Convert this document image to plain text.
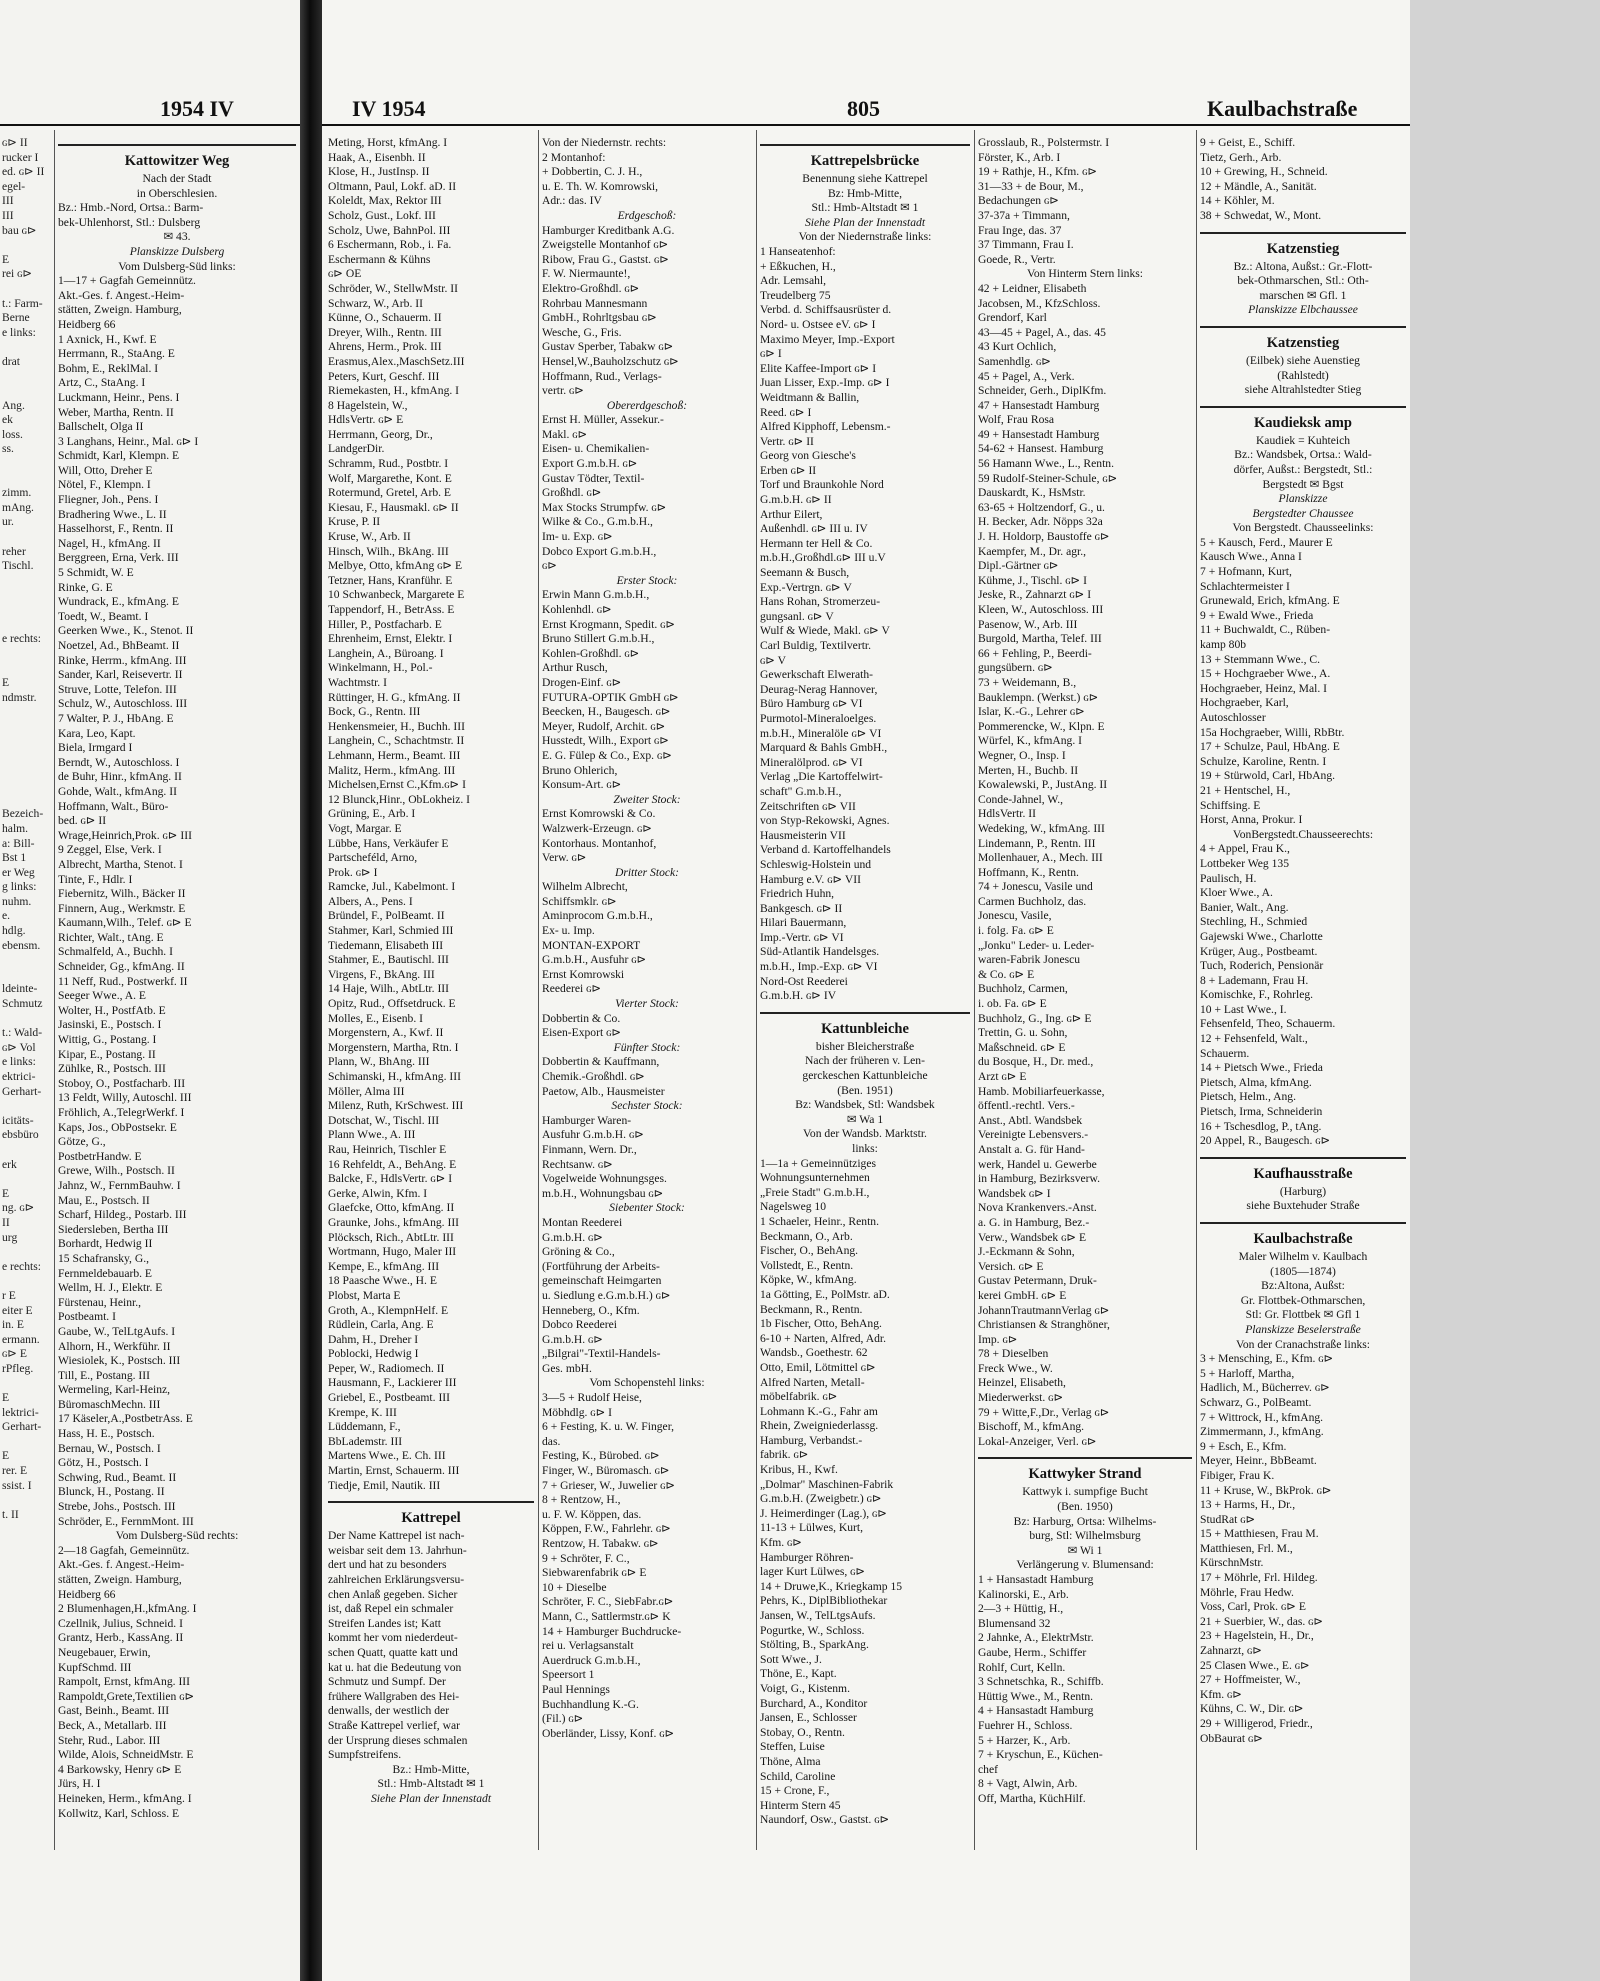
1954 IV
ɢ⊳ II
rucker I
ed. ɢ⊳ II
egel-
III
III
bau ɢ⊳
E
rei ɢ⊳
t.: Farm-
Berne
e links:
drat
Ang.
ek
loss.
ss.
zimm.
mAng.
ur.
reher
Tischl.
e rechts:
E
ndmstr.
Bezeich-
halm.
a: Bill-
Bst 1
er Weg
g links:
nuhm.
e.
hdlg.
ebensm.
ldeinte-
Schmutz
t.: Wald-
ɢ⊳ Vol
e links:
ektrici-
Gerhart-
icitäts-
ebsbüro
erk
E
ng. ɢ⊳
II
urg
e rechts:
r E
eiter E
in. E
ermann.
ɢ⊳ E
rPfleg.
E
lektrici-
Gerhart-
E
rer. E
ssist. I
t. II
Kattowitzer Weg
Nach der Stadt
in Oberschlesien.
Bz.: Hmb.-Nord, Ortsa.: Barm-
bek-Uhlenhorst, Stl.: Dulsberg
✉ 43.
Planskizze Dulsberg
Vom Dulsberg-Süd links:
1—17 + Gagfah Gemeinnütz.
Akt.-Ges. f. Angest.-Heim-
stätten, Zweign. Hamburg,
Heidberg 66
1 Axnick, H., Kwf. E
Herrmann, R., StaAng. E
Bohm, E., ReklMal. I
Artz, C., StaAng. I
Luckmann, Heinr., Pens. I
Weber, Martha, Rentn. II
Ballschelt, Olga II
3 Langhans, Heinr., Mal. ɢ⊳ I
Schmidt, Karl, Klempn. E
Will, Otto, Dreher E
Nötel, F., Klempn. I
Fliegner, Joh., Pens. I
Bradhering Wwe., L. II
Hasselhorst, F., Rentn. II
Nagel, H., kfmAng. II
Berggreen, Erna, Verk. III
5 Schmidt, W. E
Rinke, G. E
Wundrack, E., kfmAng. E
Toedt, W., Beamt. I
Geerken Wwe., K., Stenot. II
Noetzel, Ad., BhBeamt. II
Rinke, Herrm., kfmAng. III
Sander, Karl, Reisevertr. II
Struve, Lotte, Telefon. III
Schulz, W., Autoschloss. III
7 Walter, P. J., HbAng. E
Kara, Leo, Kapt.
Biela, Irmgard I
Berndt, W., Autoschloss. I
de Buhr, Hinr., kfmAng. II
Gohde, Walt., kfmAng. II
Hoffmann, Walt., Büro-
bed. ɢ⊳ II
Wrage,Heinrich,Prok. ɢ⊳ III
9 Zeggel, Else, Verk. I
Albrecht, Martha, Stenot. I
Tinte, F., Hdlr. I
Fiebernitz, Wilh., Bäcker II
Finnern, Aug., Werkmstr. E
Kaumann,Wilh., Telef. ɢ⊳ E
Richter, Walt., tAng. E
Schmalfeld, A., Buchh. I
Schneider, Gg., kfmAng. II
11 Neff, Rud., Postwerkf. II
Seeger Wwe., A. E
Wolter, H., PostfAtb. E
Jasinski, E., Postsch. I
Wittig, G., Postang. I
Kipar, E., Postang. II
Zühlke, R., Postsch. III
Stoboy, O., Postfacharb. III
13 Feldt, Willy, Autoschl. III
Fröhlich, A.,TelegrWerkf. I
Kaps, Jos., ObPostsekr. E
Götze, G.,
PostbetrHandw. E
Grewe, Wilh., Postsch. II
Jahnz, W., FernmBauhw. I
Mau, E., Postsch. II
Scharf, Hildeg., Postarb. III
Siedersleben, Bertha III
Borhardt, Hedwig II
15 Schafransky, G.,
Fernmeldebauarb. E
Wellm, H. J., Elektr. E
Fürstenau, Heinr.,
Postbeamt. I
Gaube, W., TelLtgAufs. I
Alhorn, H., Werkführ. II
Wiesiolek, K., Postsch. III
Till, E., Postang. III
Wermeling, Karl-Heinz,
BüromaschMechn. III
17 Käseler,A.,PostbetrAss. E
Hass, H. E., Postsch.
Bernau, W., Postsch. I
Götz, H., Postsch. I
Schwing, Rud., Beamt. II
Blunck, H., Postang. II
Strebe, Johs., Postsch. III
Schröder, E., FernmMont. III
Vom Dulsberg-Süd rechts:
2—18 Gagfah, Gemeinnütz.
Akt.-Ges. f. Angest.-Heim-
stätten, Zweign. Hamburg,
Heidberg 66
2 Blumenhagen,H.,kfmAng. I
Czellnik, Julius, Schneid. I
Grantz, Herb., KassAng. II
Neugebauer, Erwin,
KupfSchmd. III
Rampolt, Ernst, kfmAng. III
Rampoldt,Grete,Textilien ɢ⊳
Gast, Beinh., Beamt. III
Beck, A., Metallarb. III
Stehr, Rud., Labor. III
Wilde, Alois, SchneidMstr. E
4 Barkowsky, Henry ɢ⊳ E
Jürs, H. I
Heineken, Herm., kfmAng. I
Kollwitz, Karl, Schloss. E
IV 1954	805	Kaulbachstraße
Meting, Horst, kfmAng. I
Haak, A., Eisenbh. II
Klose, H., JustInsp. II
Oltmann, Paul, Lokf. aD. II
Koleldt, Max, Rektor III
Scholz, Gust., Lokf. III
Scholz, Uwe, BahnPol. III
6 Eschermann, Rob., i. Fa.
Eschermann & Kühns
ɢ⊳ OE
Schröder, W., StellwMstr. II
Schwarz, W., Arb. II
Künne, O., Schauerm. II
Dreyer, Wilh., Rentn. III
Ahrens, Herm., Prok. III
Erasmus,Alex.,MaschSetz.III
Peters, Kurt, Geschf. III
Riemekasten, H., kfmAng. I
8 Hagelstein, W.,
HdlsVertr. ɢ⊳ E
Herrmann, Georg, Dr.,
LandgerDir.
Schramm, Rud., Postbtr. I
Wolf, Margarethe, Kont. E
Rotermund, Gretel, Arb. E
Kiesau, F., Hausmakl. ɢ⊳ II
Kruse, P. II
Kruse, W., Arb. II
Hinsch, Wilh., BkAng. III
Melbye, Otto, kfmAng ɢ⊳ E
Tetzner, Hans, Kranführ. E
10 Schwanbeck, Margarete E
Tappendorf, H., BetrAss. E
Hiller, P., Postfacharb. E
Ehrenheim, Ernst, Elektr. I
Langhein, A., Büroang. I
Winkelmann, H., Pol.-
Wachtmstr. I
Rüttinger, H. G., kfmAng. II
Bock, G., Rentn. III
Henkensmeier, H., Buchh. III
Langhein, C., Schachtmstr. II
Lehmann, Herm., Beamt. III
Malitz, Herm., kfmAng. III
Michelsen,Ernst C.,Kfm.ɢ⊳ I
12 Blunck,Hinr., ObLokheiz. I
Grüning, E., Arb. I
Vogt, Margar. E
Lübbe, Hans, Verkäufer E
Partscheféld, Arno,
Prok. ɢ⊳ I
Ramcke, Jul., Kabelmont. I
Albers, A., Pens. I
Bründel, F., PolBeamt. II
Stahmer, Karl, Schmied III
Tiedemann, Elisabeth III
Stahmer, E., Bautischl. III
Virgens, F., BkAng. III
14 Haje, Wilh., AbtLtr. III
Opitz, Rud., Offsetdruck. E
Molles, E., Eisenb. I
Morgenstern, A., Kwf. II
Morgenstern, Martha, Rtn. I
Plann, W., BhAng. III
Schimanski, H., kfmAng. III
Möller, Alma III
Milenz, Ruth, KrSchwest. III
Dotschat, W., Tischl. III
Plann Wwe., A. III
Rau, Heinrich, Tischler E
16 Rehfeldt, A., BehAng. E
Balcke, F., HdlsVertr. ɢ⊳ I
Gerke, Alwin, Kfm. I
Glaefcke, Otto, kfmAng. II
Graunke, Johs., kfmAng. III
Plöcksch, Rich., AbtLtr. III
Wortmann, Hugo, Maler III
Kempe, E., kfmAng. III
18 Paasche Wwe., H. E
Plobst, Marta E
Groth, A., KlempnHelf. E
Rüdlein, Carla, Ang. E
Dahm, H., Dreher I
Poblocki, Hedwig I
Peper, W., Radiomech. II
Hausmann, F., Lackierer III
Griebel, E., Postbeamt. III
Krempe, K. III
Lüddemann, F.,
BbLademstr. III
Martens Wwe., E. Ch. III
Martin, Ernst, Schauerm. III
Tiedje, Emil, Nautik. III
Kattrepel
Der Name Kattrepel ist nach-
weisbar seit dem 13. Jahrhun-
dert und hat zu besonders
zahlreichen Erklärungsversu-
chen Anlaß gegeben. Sicher
ist, daß Repel ein schmaler
Streifen Landes ist; Katt
kommt her vom niederdeut-
schen Quatt, quatte katt und
kat u. hat die Bedeutung von
Schmutz und Sumpf. Der
frühere Wallgraben des Hei-
denwalls, der westlich der
Straße Kattrepel verlief, war
der Ursprung dieses schmalen
Sumpfstreifens.
Bz.: Hmb-Mitte,
Stl.: Hmb-Altstadt ✉ 1
Siehe Plan der Innenstadt
Von der Niedernstr. rechts:
2 Montanhof:
+ Dobbertin, C. J. H.,
u. E. Th. W. Komrowski,
Adr.: das. IV
Erdgeschoß:
Hamburger Kreditbank A.G.
Zweigstelle Montanhof ɢ⊳
Ribow, Frau G., Gastst. ɢ⊳
F. W. Niermaunte!,
Elektro-Großhdl. ɢ⊳
Rohrbau Mannesmann
GmbH., Rohrltgsbau ɢ⊳
Wesche, G., Fris.
Gustav Sperber, Tabakw ɢ⊳
Hensel,W.,Bauholzschutz ɢ⊳
Hoffmann, Rud., Verlags-
vertr. ɢ⊳
Obererdgeschoß:
Ernst H. Müller, Assekur.-
Makl. ɢ⊳
Eisen- u. Chemikalien-
Export G.m.b.H. ɢ⊳
Gustav Tödter, Textil-
Großhdl. ɢ⊳
Max Stocks Strumpfw. ɢ⊳
Wilke & Co., G.m.b.H.,
Im- u. Exp. ɢ⊳
Dobco Export G.m.b.H.,
ɢ⊳
Erster Stock:
Erwin Mann G.m.b.H.,
Kohlenhdl. ɢ⊳
Ernst Krogmann, Spedit. ɢ⊳
Bruno Stillert G.m.b.H.,
Kohlen-Großhdl. ɢ⊳
Arthur Rusch,
Drogen-Einf. ɢ⊳
FUTURA-OPTIK GmbH ɢ⊳
Beecken, H., Baugesch. ɢ⊳
Meyer, Rudolf, Archit. ɢ⊳
Husstedt, Wilh., Export ɢ⊳
E. G. Fülep & Co., Exp. ɢ⊳
Bruno Ohlerich,
Konsum-Art. ɢ⊳
Zweiter Stock:
Ernst Komrowski & Co.
Walzwerk-Erzeugn. ɢ⊳
Kontorhaus. Montanhof,
Verw. ɢ⊳
Dritter Stock:
Wilhelm Albrecht,
Schiffsmklr. ɢ⊳
Aminprocom G.m.b.H.,
Ex- u. Imp.
MONTAN-EXPORT
G.m.b.H., Ausfuhr ɢ⊳
Ernst Komrowski
Reederei ɢ⊳
Vierter Stock:
Dobbertin & Co.
Eisen-Export ɢ⊳
Fünfter Stock:
Dobbertin & Kauffmann,
Chemik.-Großhdl. ɢ⊳
Paetow, Alb., Hausmeister
Sechster Stock:
Hamburger Waren-
Ausfuhr G.m.b.H. ɢ⊳
Finmann, Wern. Dr.,
Rechtsanw. ɢ⊳
Vogelweide Wohnungsges.
m.b.H., Wohnungsbau ɢ⊳
Siebenter Stock:
Montan Reederei
G.m.b.H. ɢ⊳
Gröning & Co.,
(Fortführung der Arbeits-
gemeinschaft Heimgarten
u. Siedlung e.G.m.b.H.) ɢ⊳
Henneberg, O., Kfm.
Dobco Reederei
G.m.b.H. ɢ⊳
„Bilgrai"-Textil-Handels-
Ges. mbH.
Vom Schopenstehl links:
3—5 + Rudolf Heise,
Möbhdlg. ɢ⊳ I
6 + Festing, K. u. W. Finger,
das.
Festing, K., Bürobed. ɢ⊳
Finger, W., Büromasch. ɢ⊳
7 + Grieser, W., Juwelier ɢ⊳
8 + Rentzow, H.,
u. F. W. Köppen, das.
Köppen, F.W., Fahrlehr. ɢ⊳
Rentzow, H. Tabakw. ɢ⊳
9 + Schröter, F. C.,
Siebwarenfabrik ɢ⊳ E
10 + Dieselbe
Schröter, F. C., SiebFabr.ɢ⊳
Mann, C., Sattlermstr.ɢ⊳ K
14 + Hamburger Buchdrucke-
rei u. Verlagsanstalt
Auerdruck G.m.b.H.,
Speersort 1
Paul Hennings
Buchhandlung K.-G.
(Fil.) ɢ⊳
Oberländer, Lissy, Konf. ɢ⊳
Kattrepelsbrücke
Benennung siehe Kattrepel
Bz: Hmb-Mitte,
Stl.: Hmb-Altstadt ✉ 1
Siehe Plan der Innenstadt
Von der Niedernstraße links:
1 Hanseatenhof:
+ Eßkuchen, H.,
Adr. Lemsahl,
Treudelberg 75
Verbd. d. Schiffsausrüster d.
Nord- u. Ostsee eV. ɢ⊳ I
Maximo Meyer, Imp.-Export
ɢ⊳ I
Elite Kaffee-Import ɢ⊳ I
Juan Lisser, Exp.-Imp. ɢ⊳ I
Weidtmann & Ballin,
Reed. ɢ⊳ I
Alfred Kipphoff, Lebensm.-
Vertr. ɢ⊳ II
Georg von Giesche's
Erben ɢ⊳ II
Torf und Braunkohle Nord
G.m.b.H. ɢ⊳ II
Arthur Eilert,
Außenhdl. ɢ⊳ III u. IV
Hermann ter Hell & Co.
m.b.H.,Großhdl.ɢ⊳ III u.V
Seemann & Busch,
Exp.-Vertrgn. ɢ⊳ V
Hans Rohan, Stromerzeu-
gungsanl. ɢ⊳ V
Wulf & Wiede, Makl. ɢ⊳ V
Carl Buldig, Textilvertr.
ɢ⊳ V
Gewerkschaft Elwerath-
Deurag-Nerag Hannover,
Büro Hamburg ɢ⊳ VI
Purmotol-Mineraloelges.
m.b.H., Mineralöle ɢ⊳ VI
Marquard & Bahls GmbH.,
Mineralölprod. ɢ⊳ VI
Verlag „Die Kartoffelwirt-
schaft" G.m.b.H.,
Zeitschriften ɢ⊳ VII
von Styp-Rekowski, Agnes.
Hausmeisterin VII
Verband d. Kartoffelhandels
Schleswig-Holstein und
Hamburg e.V. ɢ⊳ VII
Friedrich Huhn,
Bankgesch. ɢ⊳ II
Hilari Bauermann,
Imp.-Vertr. ɢ⊳ VI
Süd-Atlantik Handelsges.
m.b.H., Imp.-Exp. ɢ⊳ VI
Nord-Ost Reederei
G.m.b.H. ɢ⊳ IV
Kattunbleiche
bisher Bleicherstraße
Nach der früheren v. Len-
gerckeschen Kattunbleiche
(Ben. 1951)
Bz: Wandsbek, Stl: Wandsbek
✉ Wa 1
Von der Wandsb. Marktstr.
links:
1—1a + Gemeinnütziges
Wohnungsunternehmen
„Freie Stadt" G.m.b.H.,
Nagelsweg 10
1 Schaeler, Heinr., Rentn.
Beckmann, O., Arb.
Fischer, O., BehAng.
Vollstedt, E., Rentn.
Köpke, W., kfmAng.
1a Götting, E., PolMstr. aD.
Beckmann, R., Rentn.
1b Fischer, Otto, BehAng.
6-10 + Narten, Alfred, Adr.
Wandsb., Goethestr. 62
Otto, Emil, Lötmittel ɢ⊳
Alfred Narten, Metall-
möbelfabrik. ɢ⊳
Lohmann K.-G., Fahr am
Rhein, Zweigniederlassg.
Hamburg, Verbandst.-
fabrik. ɢ⊳
Kribus, H., Kwf.
„Dolmar" Maschinen-Fabrik
G.m.b.H. (Zweigbetr.) ɢ⊳
J. Heimerdinger (Lag.), ɢ⊳
11-13 + Lülwes, Kurt,
Kfm. ɢ⊳
Hamburger Röhren-
lager Kurt Lülwes, ɢ⊳
14 + Druwe,K., Kriegkamp 15
Pehrs, K., DiplBibliothekar
Jansen, W., TelLtgsAufs.
Pogurtke, W., Schloss.
Stölting, B., SparkAng.
Sott Wwe., J.
Thöne, E., Kapt.
Voigt, G., Kistenm.
Burchard, A., Konditor
Jansen, E., Schlosser
Stobay, O., Rentn.
Steffen, Luise
Thöne, Alma
Schild, Caroline
15 + Crone, F.,
Hinterm Stern 45
Naundorf, Osw., Gastst. ɢ⊳
Grosslaub, R., Polstermstr. I
Förster, K., Arb. I
19 + Rathje, H., Kfm. ɢ⊳
31—33 + de Bour, M.,
Bedachungen ɢ⊳
37-37a + Timmann,
Frau Inge, das. 37
37 Timmann, Frau I.
Goede, R., Vertr.
Von Hinterm Stern links:
42 + Leidner, Elisabeth
Jacobsen, M., KfzSchloss.
Grendorf, Karl
43—45 + Pagel, A., das. 45
43 Kurt Ochlich,
Samenhdlg. ɢ⊳
45 + Pagel, A., Verk.
Schneider, Gerh., DiplKfm.
47 + Hansestadt Hamburg
Wolf, Frau Rosa
49 + Hansestadt Hamburg
54-62 + Hansest. Hamburg
56 Hamann Wwe., L., Rentn.
59 Rudolf-Steiner-Schule, ɢ⊳
Dauskardt, K., HsMstr.
63-65 + Holtzendorf, G., u.
H. Becker, Adr. Nöpps 32a
J. H. Holdorp, Baustoffe ɢ⊳
Kaempfer, M., Dr. agr.,
Dipl.-Gärtner ɢ⊳
Kühme, J., Tischl. ɢ⊳ I
Jeske, R., Zahnarzt ɢ⊳ I
Kleen, W., Autoschloss. III
Pasenow, W., Arb. III
Burgold, Martha, Telef. III
66 + Fehling, P., Beerdi-
gungsübern. ɢ⊳
73 + Weidemann, B.,
Bauklempn. (Werkst.) ɢ⊳
Islar, K.-G., Lehrer ɢ⊳
Pommerencke, W., Klpn. E
Würfel, K., kfmAng. I
Wegner, O., Insp. I
Merten, H., Buchb. II
Kowalewski, P., JustAng. II
Conde-Jahnel, W.,
HdlsVertr. II
Wedeking, W., kfmAng. III
Lindemann, P., Rentn. III
Mollenhauer, A., Mech. III
Hoffmann, K., Rentn.
74 + Jonescu, Vasile und
Carmen Buchholz, das.
Jonescu, Vasile,
i. folg. Fa. ɢ⊳ E
„Jonku" Leder- u. Leder-
waren-Fabrik Jonescu
& Co. ɢ⊳ E
Buchholz, Carmen,
i. ob. Fa. ɢ⊳ E
Buchholz, G., Ing. ɢ⊳ E
Trettin, G. u. Sohn,
Maßschneid. ɢ⊳ E
du Bosque, H., Dr. med.,
Arzt ɢ⊳ E
Hamb. Mobiliarfeuerkasse,
öffentl.-rechtl. Vers.-
Anst., Abtl. Wandsbek
Vereinigte Lebensvers.-
Anstalt a. G. für Hand-
werk, Handel u. Gewerbe
in Hamburg, Bezirksverw.
Wandsbek ɢ⊳ I
Nova Krankenvers.-Anst.
a. G. in Hamburg, Bez.-
Verw., Wandsbek ɢ⊳ E
J.-Eckmann & Sohn,
Versich. ɢ⊳ E
Gustav Petermann, Druk-
kerei GmbH. ɢ⊳ E
JohannTrautmannVerlag ɢ⊳
Christiansen & Stranghöner,
Imp. ɢ⊳
78 + Dieselben
Freck Wwe., W.
Heinzel, Elisabeth,
Miederwerkst. ɢ⊳
79 + Witte,F.,Dr., Verlag ɢ⊳
Bischoff, M., kfmAng.
Lokal-Anzeiger, Verl. ɢ⊳
Kattwyker Strand
Kattwyk i. sumpfige Bucht
(Ben. 1950)
Bz: Harburg, Ortsa: Wilhelms-
burg, Stl: Wilhelmsburg
✉ Wi 1
Verlängerung v. Blumensand:
1 + Hansastadt Hamburg
Kalinorski, E., Arb.
2—3 + Hüttig, H.,
Blumensand 32
2 Jahnke, A., ElektrMstr.
Gaube, Herm., Schiffer
Rohlf, Curt, Kelln.
3 Schnetschka, R., Schiffb.
Hüttig Wwe., M., Rentn.
4 + Hansastadt Hamburg
Fuehrer H., Schloss.
5 + Harzer, K., Arb.
7 + Kryschun, E., Küchen-
chef
8 + Vagt, Alwin, Arb.
Off, Martha, KüchHilf.
9 + Geist, E., Schiff.
Tietz, Gerh., Arb.
10 + Grewing, H., Schneid.
12 + Mändle, A., Sanität.
14 + Köhler, M.
38 + Schwedat, W., Mont.
Katzenstieg
Bz.: Altona, Außst.: Gr.-Flott-
bek-Othmarschen, Stl.: Oth-
marschen ✉ Gfl. 1
Planskizze Elbchaussee
Katzenstieg
(Eilbek) siehe Auenstieg
(Rahlstedt)
siehe Altrahlstedter Stieg
Kaudieksk amp
Kaudiek = Kuhteich
Bz.: Wandsbek, Ortsa.: Wald-
dörfer, Außst.: Bergstedt, Stl.:
Bergstedt ✉ Bgst
Planskizze
Bergstedter Chaussee
Von Bergstedt. Chausseelinks:
5 + Kausch, Ferd., Maurer E
Kausch Wwe., Anna I
7 + Hofmann, Kurt,
Schlachtermeister I
Grunewald, Erich, kfmAng. E
9 + Ewald Wwe., Frieda
11 + Buchwaldt, C., Rüben-
kamp 80b
13 + Stemmann Wwe., C.
15 + Hochgraeber Wwe., A.
Hochgraeber, Heinz, Mal. I
Hochgraeber, Karl,
Autoschlosser
15a Hochgraeber, Willi, RbBtr.
17 + Schulze, Paul, HbAng. E
Schulze, Karoline, Rentn. I
19 + Stürwold, Carl, HbAng.
21 + Hentschel, H.,
Schiffsing. E
Horst, Anna, Prokur. I
VonBergstedt.Chausseerechts:
4 + Appel, Frau K.,
Lottbeker Weg 135
Paulisch, H.
Kloer Wwe., A.
Banier, Walt., Ang.
Stechling, H., Schmied
Gajewski Wwe., Charlotte
Krüger, Aug., Postbeamt.
Tuch, Roderich, Pensionär
8 + Lademann, Frau H.
Komischke, F., Rohrleg.
10 + Last Wwe., I.
Fehsenfeld, Theo, Schauerm.
12 + Fehsenfeld, Walt.,
Schauerm.
14 + Pietsch Wwe., Frieda
Pietsch, Alma, kfmAng.
Pietsch, Helm., Ang.
Pietsch, Irma, Schneiderin
16 + Tschesdlog, P., tAng.
20 Appel, R., Baugesch. ɢ⊳
Kaufhausstraße
(Harburg)
siehe Buxtehuder Straße
Kaulbachstraße
Maler Wilhelm v. Kaulbach
(1805—1874)
Bz:Altona, Außst:
Gr. Flottbek-Othmarschen,
Stl: Gr. Flottbek ✉ Gfl 1
Planskizze Beselerstraße
Von der Cranachstraße links:
3 + Mensching, E., Kfm. ɢ⊳
5 + Harloff, Martha,
Hadlich, M., Bücherrev. ɢ⊳
Schwarz, G., PolBeamt.
7 + Wittrock, H., kfmAng.
Zimmermann, J., kfmAng.
9 + Esch, E., Kfm.
Meyer, Heinr., BbBeamt.
Fibiger, Frau K.
11 + Kruse, W., BkProk. ɢ⊳
13 + Harms, H., Dr.,
StudRat ɢ⊳
15 + Matthiesen, Frau M.
Matthiesen, Frl. M.,
KürschnMstr.
17 + Möhrle, Frl. Hildeg.
Möhrle, Frau Hedw.
Voss, Carl, Prok. ɢ⊳ E
21 + Suerbier, W., das. ɢ⊳
23 + Hagelstein, H., Dr.,
Zahnarzt, ɢ⊳
25 Clasen Wwe., E. ɢ⊳
27 + Hoffmeister, W.,
Kfm. ɢ⊳
Kühns, C. W., Dir. ɢ⊳
29 + Willigerod, Friedr.,
ObBaurat ɢ⊳
